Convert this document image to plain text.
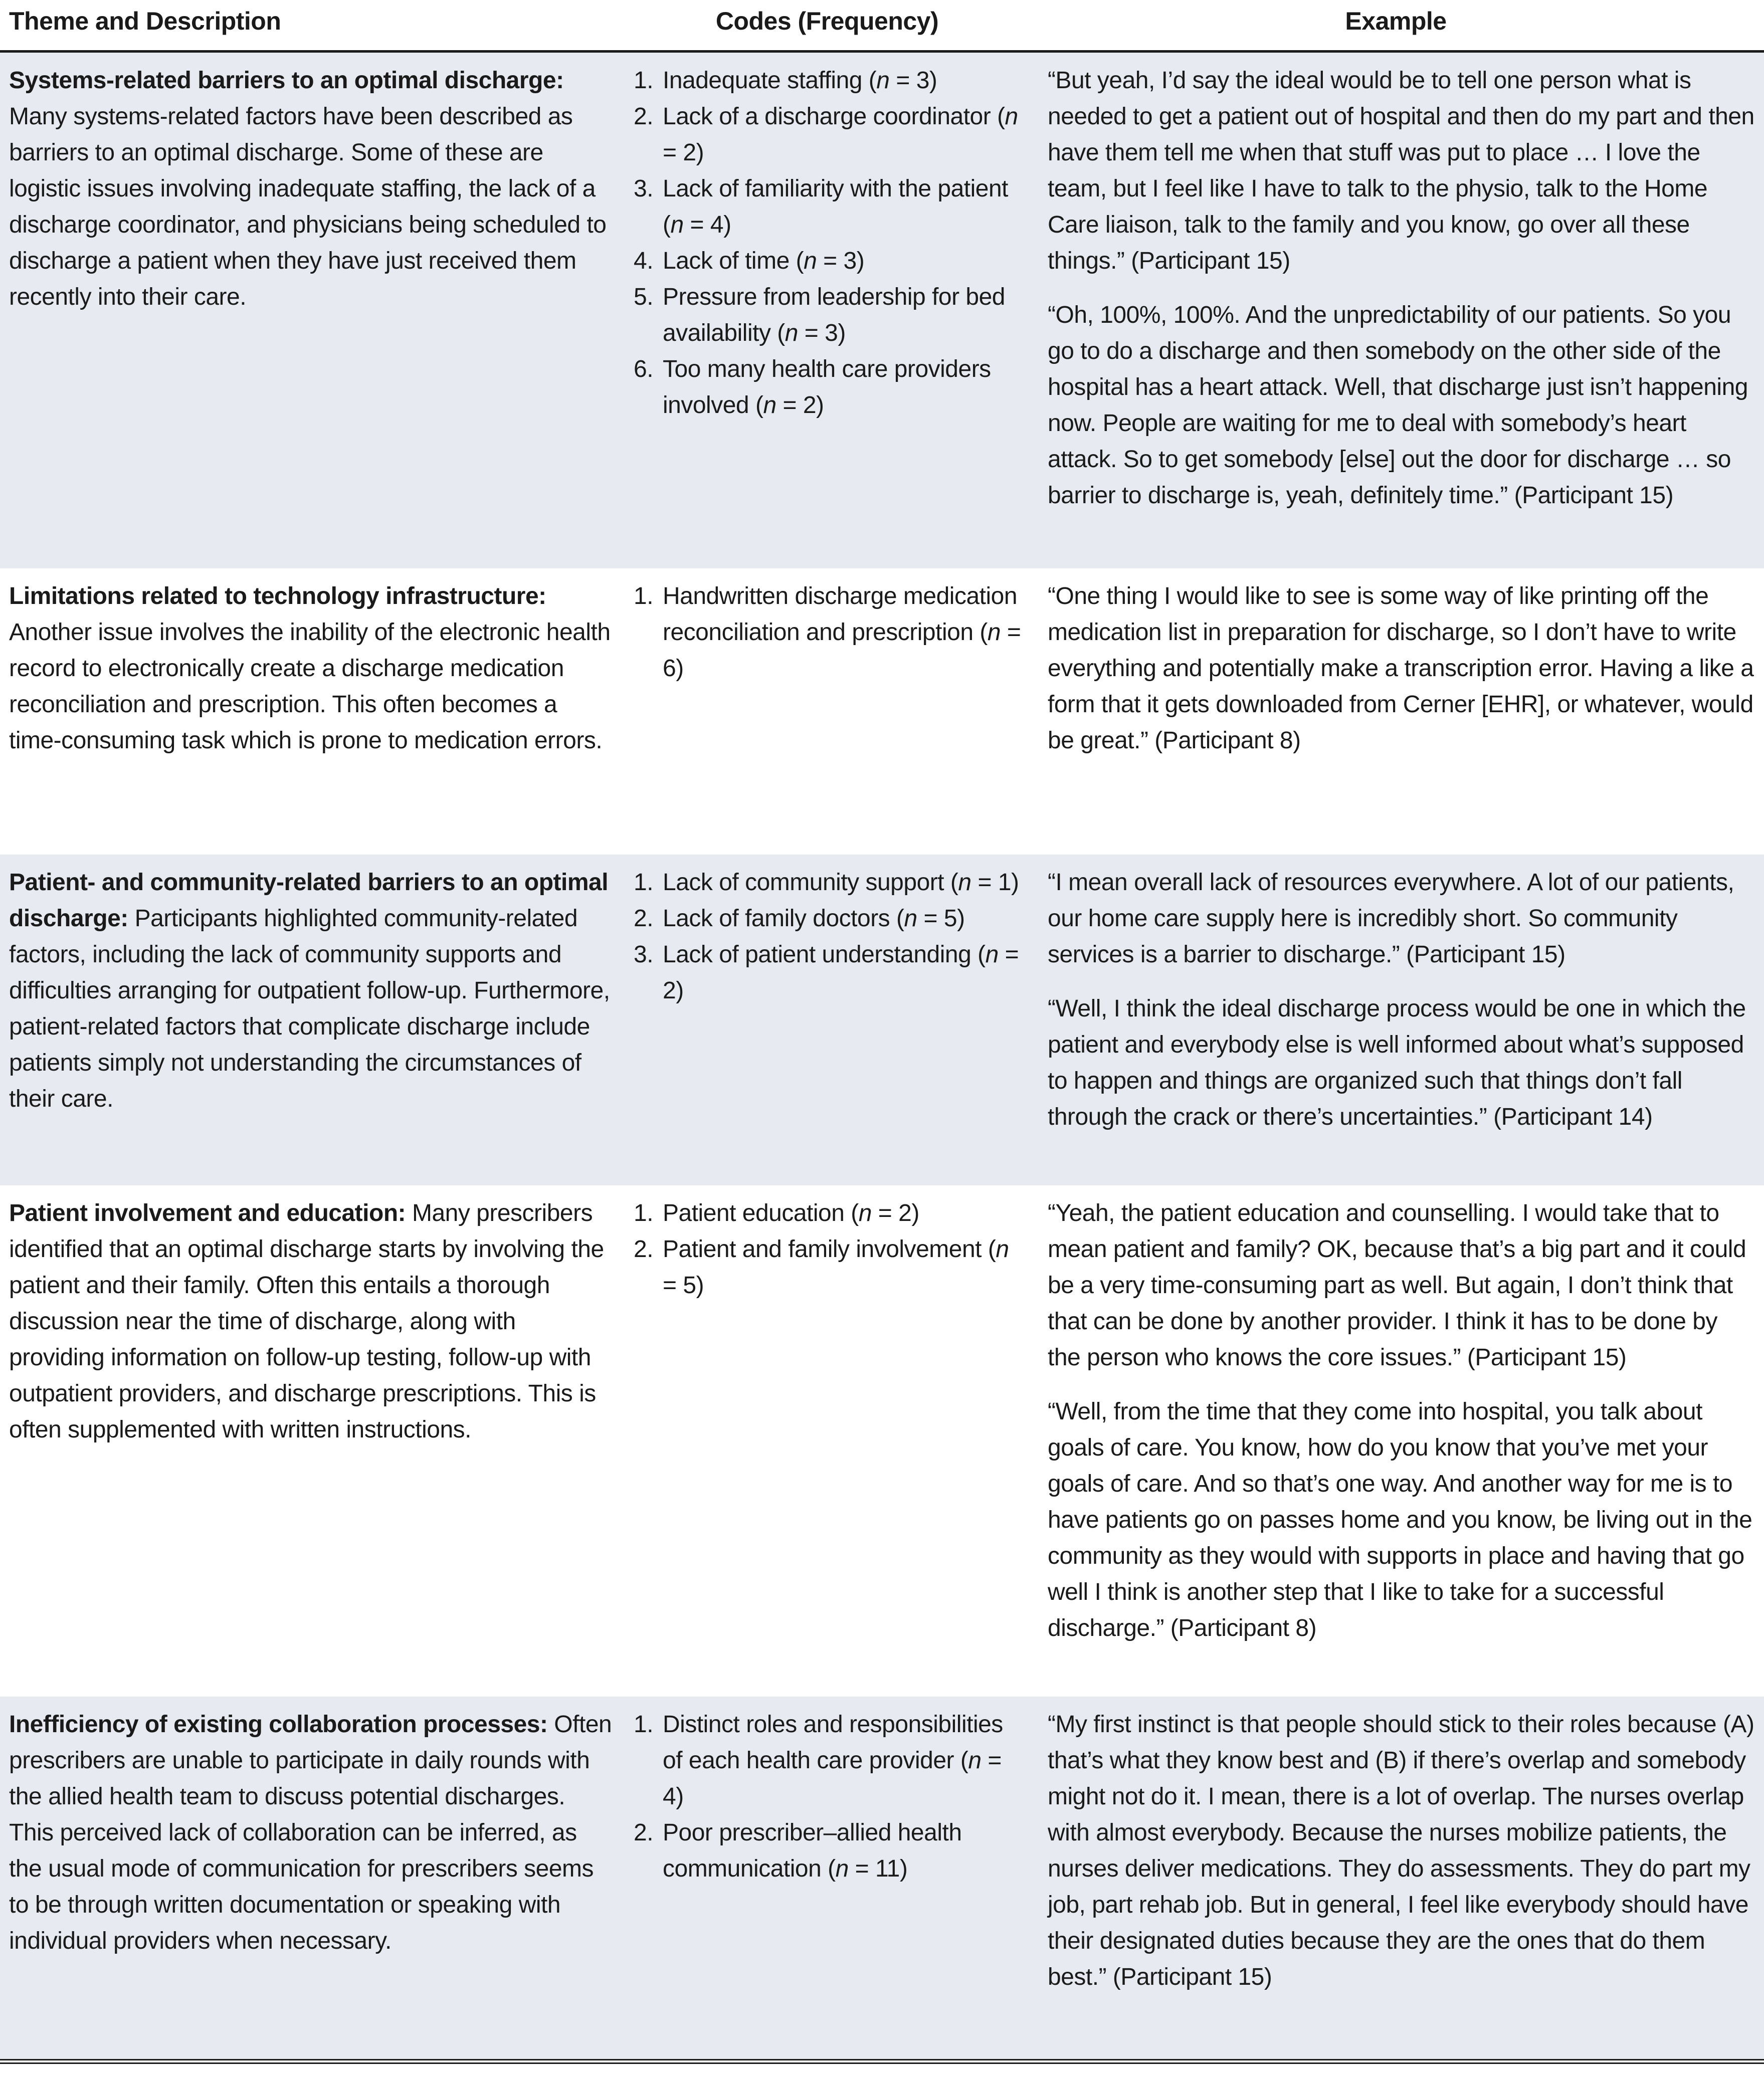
Theme and Description	Codes (Frequency)	Example

Systems-related barriers to an optimal discharge: Many systems-related factors have been described as barriers to an optimal discharge. Some of these are logistic issues involving inadequate staffing, the lack of a discharge coordinator, and physicians being scheduled to discharge a patient when they have just received them recently into their care.

1. Inadequate staffing (n = 3)
2. Lack of a discharge coordinator (n = 2)
3. Lack of familiarity with the patient (n = 4)
4. Lack of time (n = 3)
5. Pressure from leadership for bed availability (n = 3)
6. Too many health care providers involved (n = 2)

“But yeah, I’d say the ideal would be to tell one person what is needed to get a patient out of hospital and then do my part and then have them tell me when that stuff was put to place … I love the team, but I feel like I have to talk to the physio, talk to the Home Care liaison, talk to the family and you know, go over all these things.” (Participant 15)

“Oh, 100%, 100%. And the unpredictability of our patients. So you go to do a discharge and then somebody on the other side of the hospital has a heart attack. Well, that discharge just isn’t happening now. People are waiting for me to deal with somebody’s heart attack. So to get somebody [else] out the door for discharge … so barrier to discharge is, yeah, definitely time.” (Participant 15)

Limitations related to technology infrastructure: Another issue involves the inability of the electronic health record to electronically create a discharge medication reconciliation and prescription. This often becomes a time-consuming task which is prone to medication errors.

1. Handwritten discharge medication reconciliation and prescription (n = 6)

“One thing I would like to see is some way of like printing off the medication list in preparation for discharge, so I don’t have to write everything and potentially make a transcription error. Having a like a form that it gets downloaded from Cerner [EHR], or whatever, would be great.” (Participant 8)

Patient- and community-related barriers to an optimal discharge: Participants highlighted community-related factors, including the lack of community supports and difficulties arranging for outpatient follow-up. Furthermore, patient-related factors that complicate discharge include patients simply not understanding the circumstances of their care.

1. Lack of community support (n = 1)
2. Lack of family doctors (n = 5)
3. Lack of patient understanding (n = 2)

“I mean overall lack of resources everywhere. A lot of our patients, our home care supply here is incredibly short. So community services is a barrier to discharge.” (Participant 15)

“Well, I think the ideal discharge process would be one in which the patient and everybody else is well informed about what’s supposed to happen and things are organized such that things don’t fall through the crack or there’s uncertainties.” (Participant 14)

Patient involvement and education: Many prescribers identified that an optimal discharge starts by involving the patient and their family. Often this entails a thorough discussion near the time of discharge, along with providing information on follow-up testing, follow-up with outpatient providers, and discharge prescriptions. This is often supplemented with written instructions.

1. Patient education (n = 2)
2. Patient and family involvement (n = 5)

“Yeah, the patient education and counselling. I would take that to mean patient and family? OK, because that’s a big part and it could be a very time-consuming part as well. But again, I don’t think that that can be done by another provider. I think it has to be done by the person who knows the core issues.” (Participant 15)

“Well, from the time that they come into hospital, you talk about goals of care. You know, how do you know that you’ve met your goals of care. And so that’s one way. And another way for me is to have patients go on passes home and you know, be living out in the community as they would with supports in place and having that go well I think is another step that I like to take for a successful discharge.” (Participant 8)

Inefficiency of existing collaboration processes: Often prescribers are unable to participate in daily rounds with the allied health team to discuss potential discharges. This perceived lack of collaboration can be inferred, as the usual mode of communication for prescribers seems to be through written documentation or speaking with individual providers when necessary.

1. Distinct roles and responsibilities of each health care provider (n = 4)
2. Poor prescriber–allied health communication (n = 11)

“My first instinct is that people should stick to their roles because (A) that’s what they know best and (B) if there’s overlap and somebody might not do it. I mean, there is a lot of overlap. The nurses overlap with almost everybody. Because the nurses mobilize patients, the nurses deliver medications. They do assessments. They do part my job, part rehab job. But in general, I feel like everybody should have their designated duties because they are the ones that do them best.” (Participant 15)
